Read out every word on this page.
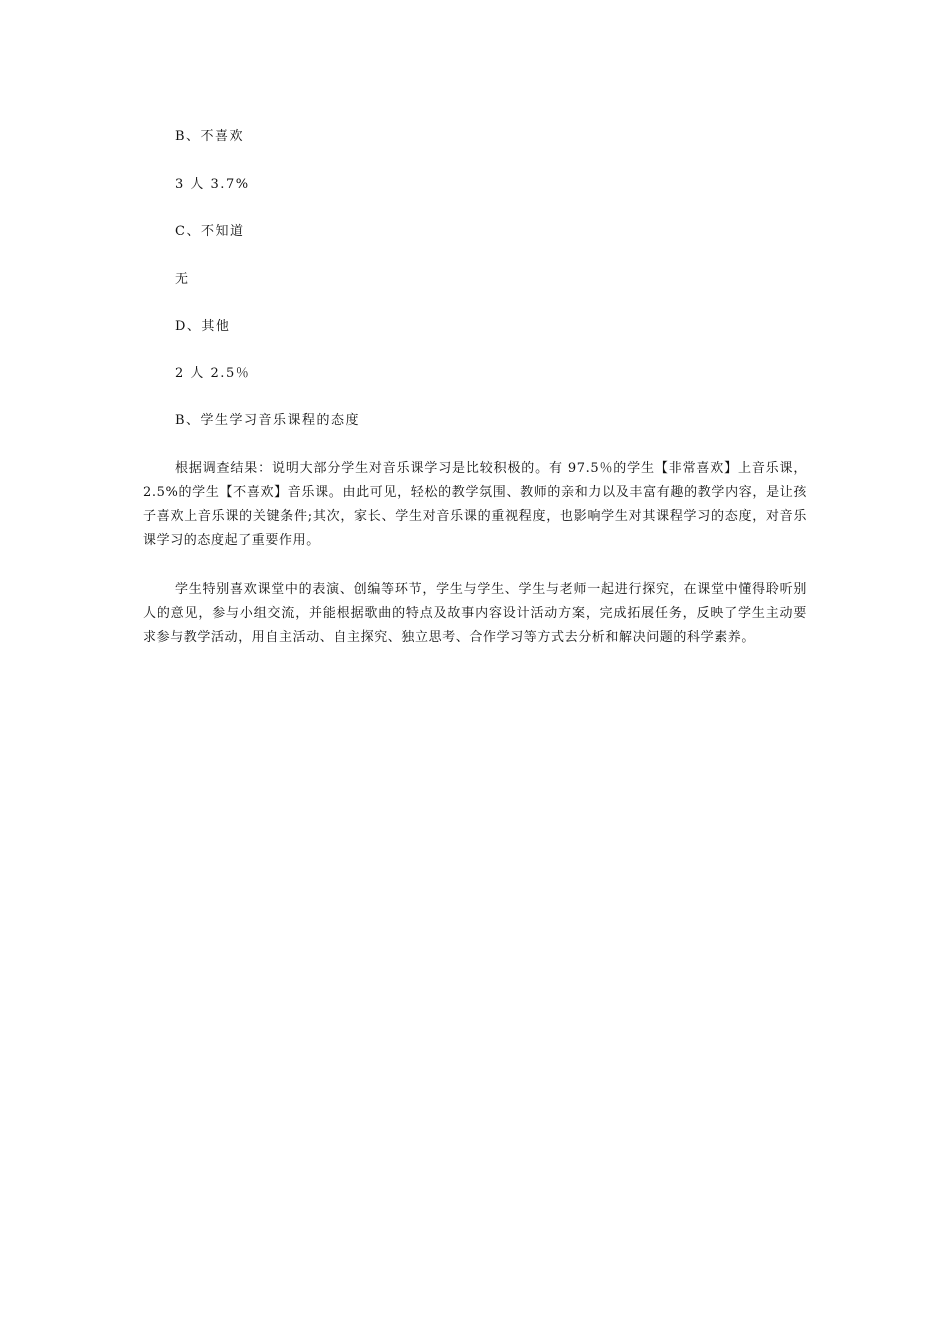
B、不喜欢
3 人 3.7%
C、不知道
无
D、其他
2 人 2.5％
B、学生学习音乐课程的态度
根据调查结果：说明大部分学生对音乐课学习是比较积极的。有 97.5％的学生【非常喜欢】上音乐课，2.5%的学生【不喜欢】音乐课。由此可见，轻松的教学氛围、教师的亲和力以及丰富有趣的教学内容，是让孩子喜欢上音乐课的关键条件;其次，家长、学生对音乐课的重视程度，也影响学生对其课程学习的态度，对音乐课学习的态度起了重要作用。
学生特别喜欢课堂中的表演、创编等环节，学生与学生、学生与老师一起进行探究，在课堂中懂得聆听别人的意见，参与小组交流，并能根据歌曲的特点及故事内容设计活动方案，完成拓展任务，反映了学生主动要求参与教学活动，用自主活动、自主探究、独立思考、合作学习等方式去分析和解决问题的科学素养。
